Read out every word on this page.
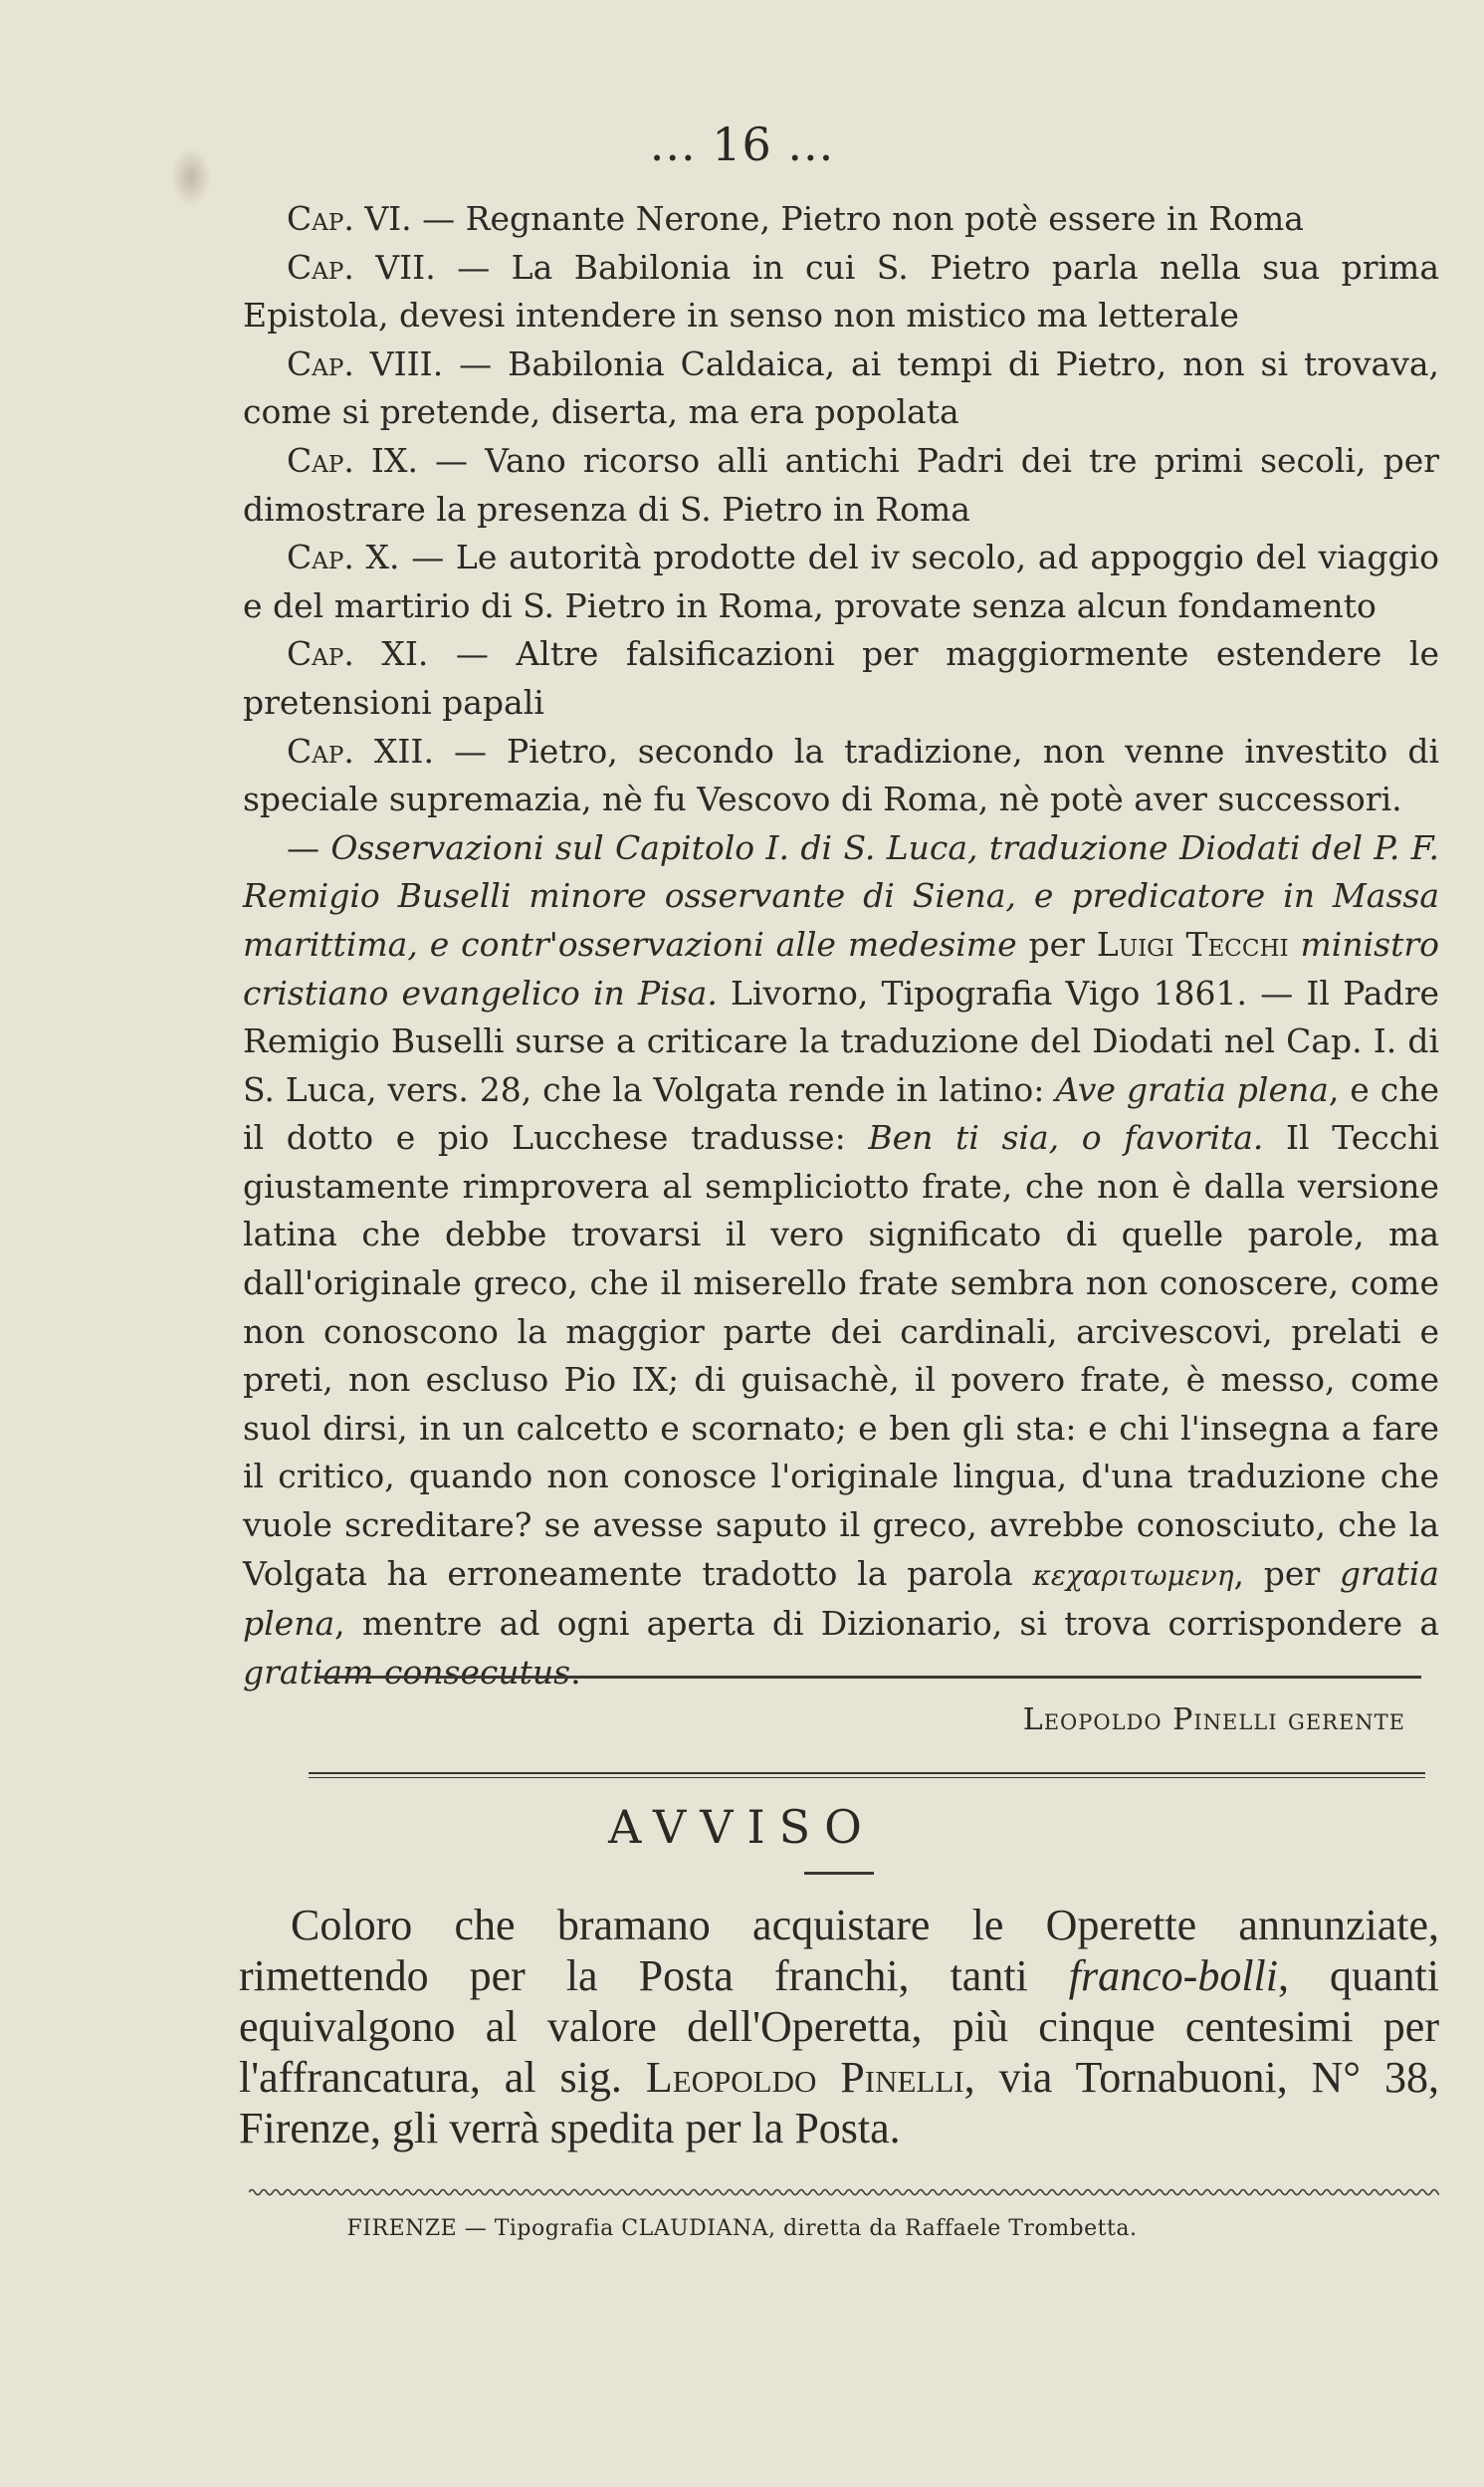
... 16 ...

Cap. VI. — Regnante Nerone, Pietro non potè essere in Roma

Cap. VII. — La Babilonia in cui S. Pietro parla nella sua prima Epistola, devesi intendere in senso non mistico ma letterale

Cap. VIII. — Babilonia Caldaica, ai tempi di Pietro, non si trovava, come si pretende, diserta, ma era popolata

Cap. IX. — Vano ricorso alli antichi Padri dei tre primi secoli, per dimostrare la presenza di S. Pietro in Roma

Cap. X. — Le autorità prodotte del iv secolo, ad appoggio del viaggio e del martirio di S. Pietro in Roma, provate senza alcun fondamento

Cap. XI. — Altre falsificazioni per maggiormente estendere le pretensioni papali

Cap. XII. — Pietro, secondo la tradizione, non venne investito di speciale supremazia, nè fu Vescovo di Roma, nè potè aver successori.

— Osservazioni sul Capitolo I. di S. Luca, traduzione Diodati del P. F. Remigio Buselli minore osservante di Siena, e predicatore in Massa marittima, e contr'osservazioni alle medesime per Luigi Tecchi ministro cristiano evangelico in Pisa. Livorno, Tipografia Vigo 1861. — Il Padre Remigio Buselli surse a criticare la traduzione del Diodati nel Cap. I. di S. Luca, vers. 28, che la Volgata rende in latino: Ave gratia plena, e che il dotto e pio Lucchese tradusse: Ben ti sia, o favorita. Il Tecchi giustamente rimprovera al sempliciotto frate, che non è dalla versione latina che debbe trovarsi il vero significato di quelle parole, ma dall'originale greco, che il miserello frate sembra non conoscere, come non conoscono la maggior parte dei cardinali, arcivescovi, prelati e preti, non escluso Pio IX; di guisachè, il povero frate, è messo, come suol dirsi, in un calcetto e scornato; e ben gli sta: e chi l'insegna a fare il critico, quando non conosce l'originale lingua, d'una traduzione che vuole screditare? se avesse saputo il greco, avrebbe conosciuto, che la Volgata ha erroneamente tradotto la parola κεχαριτωμενη, per gratia plena, mentre ad ogni aperta di Dizionario, si trova corrispondere a gratiam consecutus.

Leopoldo Pinelli gerente
AVVISO

Coloro che bramano acquistare le Operette annunziate, rimettendo per la Posta franchi, tanti franco-bolli, quanti equivalgono al valore dell'Operetta, più cinque centesimi per l'affrancatura, al sig. Leopoldo Pinelli, via Tornabuoni, N° 38, Firenze, gli verrà spedita per la Posta.

FIRENZE — Tipografia CLAUDIANA, diretta da Raffaele Trombetta.
